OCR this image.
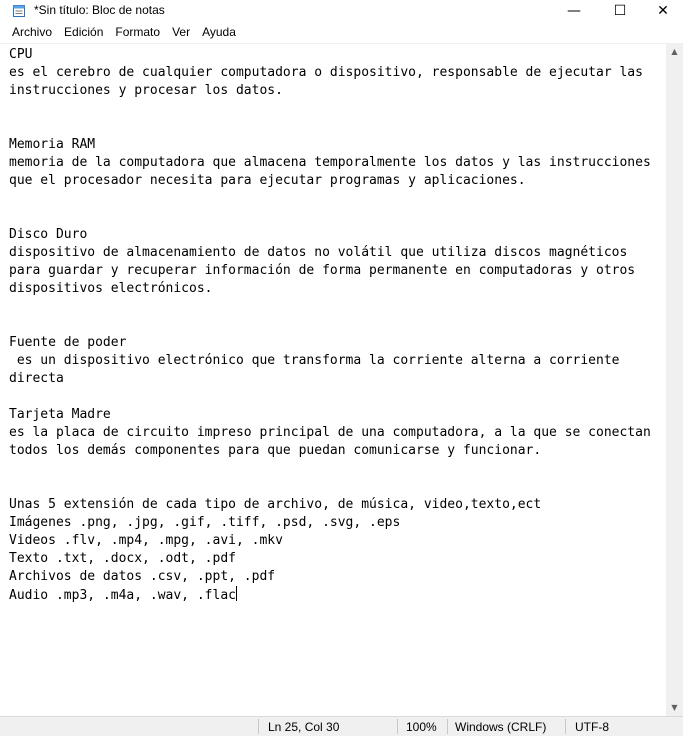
*Sin título: Bloc de notas	— ☐ ✕
Archivo	Edición	Formato	Ver	Ayuda
CPU
es el cerebro de cualquier computadora o dispositivo, responsable de ejecutar las
instrucciones y procesar los datos.

Memoria RAM
memoria de la computadora que almacena temporalmente los datos y las instrucciones
que el procesador necesita para ejecutar programas y aplicaciones.

Disco Duro
dispositivo de almacenamiento de datos no volátil que utiliza discos magnéticos
para guardar y recuperar información de forma permanente en computadoras y otros
dispositivos electrónicos.

Fuente de poder
es un dispositivo electrónico que transforma la corriente alterna a corriente
directa

Tarjeta Madre
es la placa de circuito impreso principal de una computadora, a la que se conectan
todos los demás componentes para que puedan comunicarse y funcionar.

Unas 5 extensión de cada tipo de archivo, de música, video,texto,ect
Imágenes .png, .jpg, .gif, .tiff, .psd, .svg, .eps
Videos .flv, .mp4, .mpg, .avi, .mkv
Texto .txt, .docx, .odt, .pdf
Archivos de datos .csv, .ppt, .pdf
Audio .mp3, .m4a, .wav, .flac
▲
▼
Ln 25, Col 30	100% Windows (CRLF) UTF-8
